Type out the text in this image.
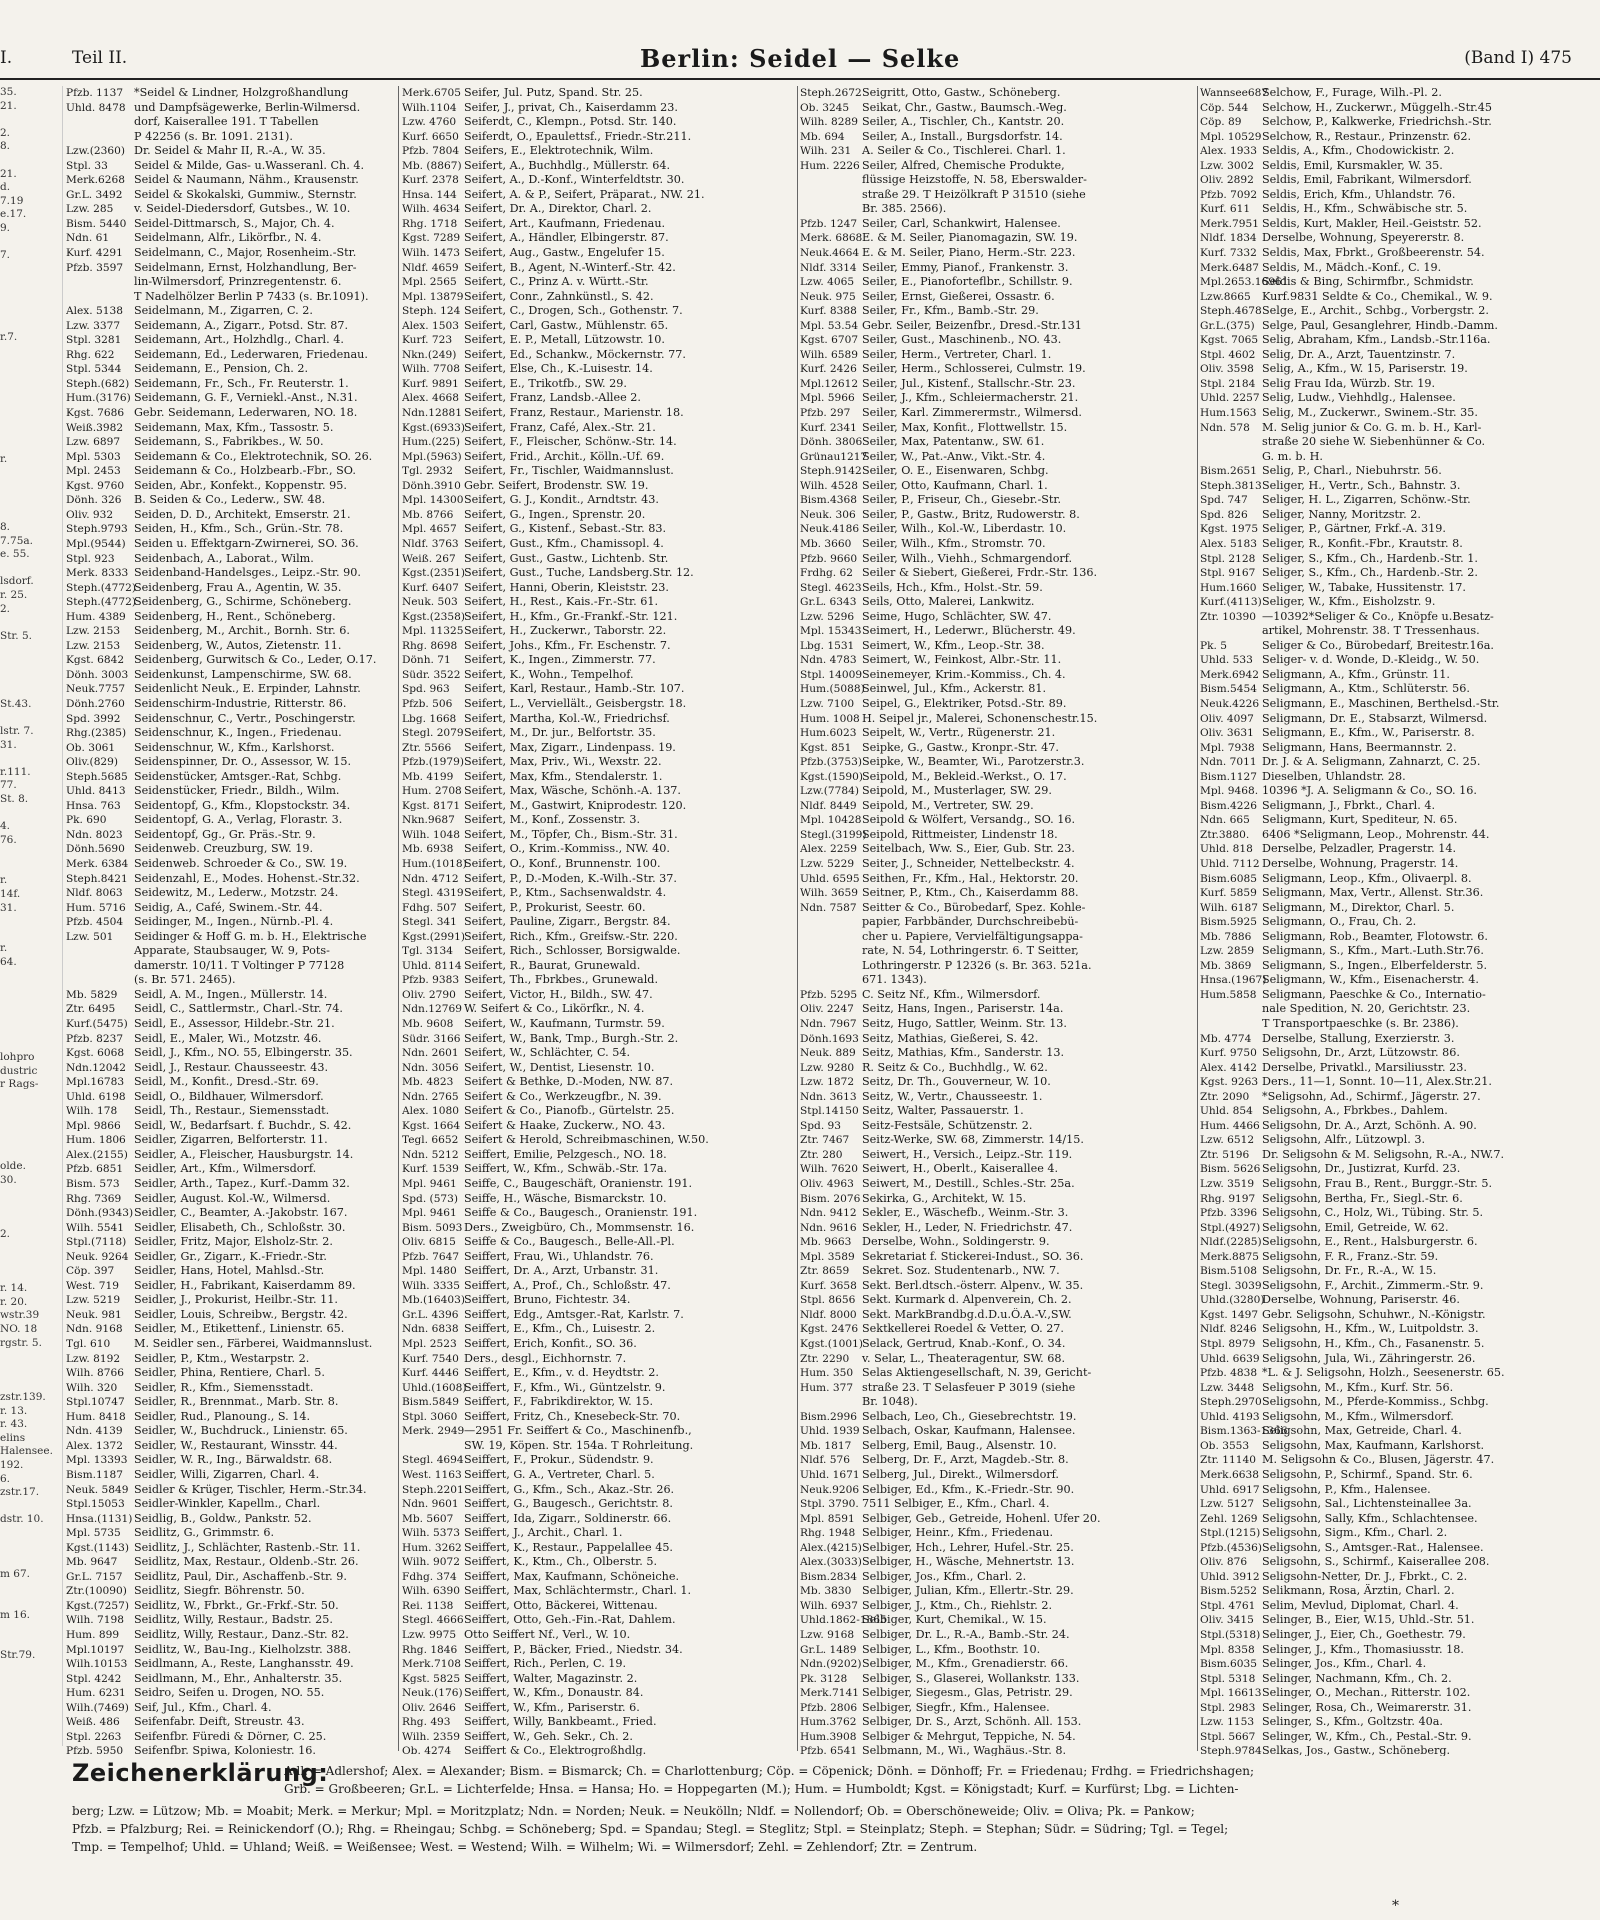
I.	Teil II.	Berlin: Seidel — Selke	(Band I) 475
35.
21.

2.
8.

21.
d.
7.19
e.17.
9.

7.

r.7.

r.

8.
7.75a.
e. 55.

lsdorf.
r. 25.
2.

Str. 5.

St.43.

lstr. 7.
31.

r.111.
77.
St. 8.

4.
76.

r.
14f.
31.

r.
64.

lohpro
dustric
r Rags-

olde.
30.

2.

r. 14.
r. 20.
wstr.39
NO. 18
rgstr. 5.

zstr.139.
r. 13.
r. 43.
elins
Halensee.
192.
6.
zstr.17.

dstr. 10.

m 67.

m 16.

Str.79.

Pfzb. 1137 *Seidel & Lindner, Holzgroßhandlung
Uhld. 8478 und Dampfsägewerke, Berlin-Wilmersd.
dorf, Kaiserallee 191. T Tabellen
P 42256 (s. Br. 1091. 2131).
Lzw.(2360) Dr. Seidel & Mahr II, R.-A., W. 35.
Stpl. 33 Seidel & Milde, Gas- u.Wasseranl. Ch. 4.
Merk.6268 Seidel & Naumann, Nähm., Krausenstr.
Gr.L. 3492 Seidel & Skokalski, Gummiw., Sternstr.
Lzw. 285 v. Seidel-Diedersdorf, Gutsbes., W. 10.
Bism. 5440 Seidel-Dittmarsch, S., Major, Ch. 4.
Ndn. 61 Seidelmann, Alfr., Likörfbr., N. 4.
Kurf. 4291 Seidelmann, C., Major, Rosenheim.-Str.
Pfzb. 3597 Seidelmann, Ernst, Holzhandlung, Ber-
lin-Wilmersdorf, Prinzregentenstr. 6.
T Nadelhölzer Berlin P 7433 (s. Br.1091).
Alex. 5138 Seidelmann, M., Zigarren, C. 2.
Lzw. 3377 Seidemann, A., Zigarr., Potsd. Str. 87.
Stpl. 3281 Seidemann, Art., Holzhdlg., Charl. 4.
Rhg. 622 Seidemann, Ed., Lederwaren, Friedenau.
Stpl. 5344 Seidemann, E., Pension, Ch. 2.
Steph.(682) Seidemann, Fr., Sch., Fr. Reuterstr. 1.
Hum.(3176) Seidemann, G. F., Verniekl.-Anst., N.31.
Kgst. 7686 Gebr. Seidemann, Lederwaren, NO. 18.
Weiß.3982 Seidemann, Max, Kfm., Tassostr. 5.
Lzw. 6897 Seidemann, S., Fabrikbes., W. 50.
Mpl. 5303 Seidemann & Co., Elektrotechnik, SO. 26.
Mpl. 2453 Seidemann & Co., Holzbearb.-Fbr., SO.
Kgst. 9760 Seiden, Abr., Konfekt., Koppenstr. 95.
Dönh. 326 B. Seiden & Co., Lederw., SW. 48.
Oliv. 932 Seiden, D. D., Architekt, Emserstr. 21.
Steph.9793 Seiden, H., Kfm., Sch., Grün.-Str. 78.
Mpl.(9544) Seiden u. Effektgarn-Zwirnerei, SO. 36.
Stpl. 923 Seidenbach, A., Laborat., Wilm.
Merk. 8333 Seidenband-Handelsges., Leipz.-Str. 90.
Steph.(4772)Seidenberg, Frau A., Agentin, W. 35.
Steph.(4772)Seidenberg, G., Schirme, Schöneberg.
Hum. 4389 Seidenberg, H., Rent., Schöneberg.
Lzw. 2153 Seidenberg, M., Archit., Bornh. Str. 6.
Lzw. 2153 Seidenberg, W., Autos, Zietenstr. 11.
Kgst. 6842 Seidenberg, Gurwitsch & Co., Leder, O.17.
Dönh. 3003 Seidenkunst, Lampenschirme, SW. 68.
Neuk.7757 Seidenlicht Neuk., E. Erpinder, Lahnstr.
Dönh.2760 Seidenschirm-Industrie, Ritterstr. 86.
Spd. 3992 Seidenschnur, C., Vertr., Poschingerstr.
Rhg.(2385) Seidenschnur, K., Ingen., Friedenau.
Ob. 3061 Seidenschnur, W., Kfm., Karlshorst.
Oliv.(829) Seidenspinner, Dr. O., Assessor, W. 15.
Steph.5685 Seidenstücker, Amtsger.-Rat, Schbg.
Uhld. 8413 Seidenstücker, Friedr., Bildh., Wilm.
Hnsa. 763 Seidentopf, G., Kfm., Klopstockstr. 34.
Pk. 690 Seidentopf, G. A., Verlag, Florastr. 3.
Ndn. 8023 Seidentopf, Gg., Gr. Präs.-Str. 9.
Dönh.5690 Seidenweb. Creuzburg, SW. 19.
Merk. 6384 Seidenweb. Schroeder & Co., SW. 19.
Steph.8421 Seidenzahl, E., Modes. Hohenst.-Str.32.
Nldf. 8063 Seidewitz, M., Lederw., Motzstr. 24.
Hum. 5716 Seidig, A., Café, Swinem.-Str. 44.
Pfzb. 4504 Seidinger, M., Ingen., Nürnb.-Pl. 4.
Lzw. 501 Seidinger & Hoff G. m. b. H., Elektrische
Apparate, Staubsauger, W. 9, Pots-
damerstr. 10/11. T Voltinger P 77128
(s. Br. 571. 2465).
Mb. 5829 Seidl, A. M., Ingen., Müllerstr. 14.
Ztr. 6495 Seidl, C., Sattlermstr., Charl.-Str. 74.
Kurf.(5475) Seidl, E., Assessor, Hildebr.-Str. 21.
Pfzb. 8237 Seidl, E., Maler, Wi., Motzstr. 46.
Kgst. 6068 Seidl, J., Kfm., NO. 55, Elbingerstr. 35.
Ndn.12042 Seidl, J., Restaur. Chausseestr. 43.
Mpl.16783 Seidl, M., Konfit., Dresd.-Str. 69.
Uhld. 6198 Seidl, O., Bildhauer, Wilmersdorf.
Wilh. 178 Seidl, Th., Restaur., Siemensstadt.
Mpl. 9866 Seidl, W., Bedarfsart. f. Buchdr., S. 42.
Hum. 1806 Seidler, Zigarren, Belforterstr. 11.
Alex.(2155) Seidler, A., Fleischer, Hausburgstr. 14.
Pfzb. 6851 Seidler, Art., Kfm., Wilmersdorf.
Bism. 573 Seidler, Arth., Tapez., Kurf.-Damm 32.
Rhg. 7369 Seidler, August. Kol.-W., Wilmersd.
Dönh.(9343)Seidler, C., Beamter, A.-Jakobstr. 167.
Wilh. 5541 Seidler, Elisabeth, Ch., Schloßstr. 30.
Stpl.(7118) Seidler, Fritz, Major, Elsholz-Str. 2.
Neuk. 9264 Seidler, Gr., Zigarr., K.-Friedr.-Str.
Cöp. 397 Seidler, Hans, Hotel, Mahlsd.-Str.
West. 719 Seidler, H., Fabrikant, Kaiserdamm 89.
Lzw. 5219 Seidler, J., Prokurist, Heilbr.-Str. 11.
Neuk. 981 Seidler, Louis, Schreibw., Bergstr. 42.
Ndn. 9168 Seidler, M., Etikettenf., Linienstr. 65.
Tgl. 610 M. Seidler sen., Färberei, Waidmannslust.
Lzw. 8192 Seidler, P., Ktm., Westarpstr. 2.
Wilh. 8766 Seidler, Phina, Rentiere, Charl. 5.
Wilh. 320 Seidler, R., Kfm., Siemensstadt.
Stpl.10747 Seidler, R., Brennmat., Marb. Str. 8.
Hum. 8418 Seidler, Rud., Planoung., S. 14.
Ndn. 4139 Seidler, W., Buchdruck., Linienstr. 65.
Alex. 1372 Seidler, W., Restaurant, Winsstr. 44.
Mpl. 13393 Seidler, W. R., Ing., Bärwaldstr. 68.
Bism.1187 Seidler, Willi, Zigarren, Charl. 4.
Neuk. 5849 Seidler & Krüger, Tischler, Herm.-Str.34.
Stpl.15053 Seidler-Winkler, Kapellm., Charl.
Hnsa.(1131) Seidlig, B., Goldw., Pankstr. 52.
Mpl. 5735 Seidlitz, G., Grimmstr. 6.
Kgst.(1143) Seidlitz, J., Schlächter, Rastenb.-Str. 11.
Mb. 9647 Seidlitz, Max, Restaur., Oldenb.-Str. 26.
Gr.L. 7157 Seidlitz, Paul, Dir., Aschaffenb.-Str. 9.
Ztr.(10090) Seidlitz, Siegfr. Böhrenstr. 50.
Kgst.(7257) Seidlitz, W., Fbrkt., Gr.-Frkf.-Str. 50.
Wilh. 7198 Seidlitz, Willy, Restaur., Badstr. 25.
Hum. 899 Seidlitz, Willy, Restaur., Danz.-Str. 82.
Mpl.10197 Seidlitz, W., Bau-Ing., Kielholzstr. 388.
Wilh.10153 Seidlmann, A., Reste, Langhansstr. 49.
Stpl. 4242 Seidlmann, M., Ehr., Anhalterstr. 35.
Hum. 6231 Seidro, Seifen u. Drogen, NO. 55.
Wilh.(7469) Seif, Jul., Kfm., Charl. 4.
Weiß. 486 Seifenfabr. Deift, Streustr. 43.
Stpl. 2263 Seifenfbr. Füredi & Dörner, C. 25.
Pfzb. 5950 Seifenfbr. Spiwa, Koloniestr. 16.
Merk.6705 Seifer, Jul. Putz, Spand. Str. 25.
Wilh.1104 Seifer, J., privat, Ch., Kaiserdamm 23.
Lzw. 4760 Seiferdt, C., Klempn., Potsd. Str. 140.
Kurf. 6650 Seiferdt, O., Epaulettsf., Friedr.-Str.211.
Pfzb. 7804 Seifers, E., Elektrotechnik, Wilm.
Mb. (8867) Seifert, A., Buchhdlg., Müllerstr. 64.
Kurf. 2378 Seifert, A., D.-Konf., Winterfeldtstr. 30.
Hnsa. 144 Seifert, A. & P., Seifert, Präparat., NW. 21.
Wilh. 4634 Seifert, Dr. A., Direktor, Charl. 2.
Rhg. 1718 Seifert, Art., Kaufmann, Friedenau.
Kgst. 7289 Seifert, A., Händler, Elbingerstr. 87.
Wilh. 1473 Seifert, Aug., Gastw., Engelufer 15.
Nldf. 4659 Seifert, B., Agent, N.-Winterf.-Str. 42.
Mpl. 2565 Seifert, C., Prinz A. v. Württ.-Str.
Mpl. 13879Seifert, Conr., Zahnkünstl., S. 42.
Steph. 124 Seifert, C., Drogen, Sch., Gothenstr. 7.
Alex. 1503 Seifert, Carl, Gastw., Mühlenstr. 65.
Kurf. 723 Seifert, E. P., Metall, Lützowstr. 10.
Nkn.(249) Seifert, Ed., Schankw., Möckernstr. 77.
Wilh. 7708 Seifert, Else, Ch., K.-Luisestr. 14.
Kurf. 9891 Seifert, E., Trikotfb., SW. 29.
Alex. 4668 Seifert, Franz, Landsb.-Allee 2.
Ndn.12881 Seifert, Franz, Restaur., Marienstr. 18.
Kgst.(6933)Seifert, Franz, Café, Alex.-Str. 21.
Hum.(225) Seifert, F., Fleischer, Schönw.-Str. 14.
Mpl.(5963) Seifert, Frid., Archit., Kölln.-Uf. 69.
Tgl. 2932 Seifert, Fr., Tischler, Waidmannslust.
Dönh.3910 Gebr. Seifert, Brodenstr. SW. 19.
Mpl. 14300Seifert, G. J., Kondit., Arndtstr. 43.
Mb. 8766 Seifert, G., Ingen., Sprenstr. 20.
Mpl. 4657 Seifert, G., Kistenf., Sebast.-Str. 83.
Nldf. 3763 Seifert, Gust., Kfm., Chamissopl. 4.
Weiß. 267 Seifert, Gust., Gastw., Lichtenb. Str.
Kgst.(2351)Seifert, Gust., Tuche, Landsberg.Str. 12.
Kurf. 6407 Seifert, Hanni, Oberin, Kleiststr. 23.
Neuk. 503 Seifert, H., Rest., Kais.-Fr.-Str. 61.
Kgst.(2358)Seifert, H., Kfm., Gr.-Frankf.-Str. 121.
Mpl. 11325Seifert, H., Zuckerwr., Taborstr. 22.
Rhg. 8698 Seifert, Johs., Kfm., Fr. Eschenstr. 7.
Dönh. 71 Seifert, K., Ingen., Zimmerstr. 77.
Südr. 3522 Seifert, K., Wohn., Tempelhof.
Spd. 963 Seifert, Karl, Restaur., Hamb.-Str. 107.
Pfzb. 506 Seifert, L., Verviellält., Geisbergstr. 18.
Lbg. 1668 Seifert, Martha, Kol.-W., Friedrichsf.
Stegl. 2079Seifert, M., Dr. jur., Belfortstr. 35.
Ztr. 5566 Seifert, Max, Zigarr., Lindenpass. 19.
Pfzb.(1979)Seifert, Max, Priv., Wi., Wexstr. 22.
Mb. 4199 Seifert, Max, Kfm., Stendalerstr. 1.
Hum. 2708 Seifert, Max, Wäsche, Schönh.-A. 137.
Kgst. 8171 Seifert, M., Gastwirt, Kniprodestr. 120.
Nkn.9687 Seifert, M., Konf., Zossenstr. 3.
Wilh. 1048 Seifert, M., Töpfer, Ch., Bism.-Str. 31.
Mb. 6938 Seifert, O., Krim.-Kommiss., NW. 40.
Hum.(1018)Seifert, O., Konf., Brunnenstr. 100.
Ndn. 4712 Seifert, P., D.-Moden, K.-Wilh.-Str. 37.
Stegl. 4319Seifert, P., Ktm., Sachsenwaldstr. 4.
Fdhg. 507 Seifert, P., Prokurist, Seestr. 60.
Stegl. 341 Seifert, Pauline, Zigarr., Bergstr. 84.
Kgst.(2991)Seifert, Rich., Kfm., Greifsw.-Str. 220.
Tgl. 3134 Seifert, Rich., Schlosser, Borsigwalde.
Uhld. 8114 Seifert, R., Baurat, Grunewald.
Pfzb. 9383 Seifert, Th., Fbrkbes., Grunewald.
Oliv. 2790 Seifert, Victor, H., Bildh., SW. 47.
Ndn.12769 W. Seifert & Co., Likörfkr., N. 4.
Mb. 9608 Seifert, W., Kaufmann, Turmstr. 59.
Südr. 3166 Seifert, W., Bank, Tmp., Burgh.-Str. 2.
Ndn. 2601 Seifert, W., Schlächter, C. 54.
Ndn. 3056 Seifert, W., Dentist, Liesenstr. 10.
Mb. 4823 Seifert & Bethke, D.-Moden, NW. 87.
Ndn. 2765 Seifert & Co., Werkzeugfbr., N. 39.
Alex. 1080 Seifert & Co., Pianofb., Gürtelstr. 25.
Kgst. 1664 Seifert & Haake, Zuckerw., NO. 43.
Tegl. 6652 Seifert & Herold, Schreibmaschinen, W.50.
Ndn. 5212 Seiffert, Emilie, Pelzgesch., NO. 18.
Kurf. 1539 Seiffert, W., Kfm., Schwäb.-Str. 17a.
Mpl. 9461 Seiffe, C., Baugeschäft, Oranienstr. 191.
Spd. (573) Seiffe, H., Wäsche, Bismarckstr. 10.
Mpl. 9461 Seiffe & Co., Baugesch., Oranienstr. 191.
Bism. 5093 Ders., Zweigbüro, Ch., Mommsenstr. 16.
Oliv. 6815 Seiffe & Co., Baugesch., Belle-All.-Pl.
Pfzb. 7647 Seiffert, Frau, Wi., Uhlandstr. 76.
Mpl. 1480 Seiffert, Dr. A., Arzt, Urbanstr. 31.
Wilh. 3335 Seiffert, A., Prof., Ch., Schloßstr. 47.
Mb.(16403)Seiffert, Bruno, Fichtestr. 34.
Gr.L. 4396 Seiffert, Edg., Amtsger.-Rat, Karlstr. 7.
Ndn. 6838 Seiffert, E., Kfm., Ch., Luisestr. 2.
Mpl. 2523 Seiffert, Erich, Konfit., SO. 36.
Kurf. 7540 Ders., desgl., Eichhornstr. 7.
Kurf. 4446 Seiffert, E., Kfm., v. d. Heydtstr. 2.
Uhld.(1608)Seiffert, F., Kfm., Wi., Güntzelstr. 9.
Bism.5849 Seiffert, F., Fabrikdirektor, W. 15.
Stpl. 3060 Seiffert, Fritz, Ch., Knesebeck-Str. 70.
Merk. 2949—2951 Fr. Seiffert & Co., Maschinenfb.,
SW. 19, Köpen. Str. 154a. T Rohrleitung.
Stegl. 4694Seiffert, F., Prokur., Südendstr. 9.
West. 1163 Seiffert, G. A., Vertreter, Charl. 5.
Steph.2201Seiffert, G., Kfm., Sch., Akaz.-Str. 26.
Ndn. 9601 Seiffert, G., Baugesch., Gerichtstr. 8.
Mb. 5607 Seiffert, Ida, Zigarr., Soldinerstr. 66.
Wilh. 5373 Seiffert, J., Archit., Charl. 1.
Hum. 3262 Seiffert, K., Restaur., Pappelallee 45.
Wilh. 9072 Seiffert, K., Ktm., Ch., Olberstr. 5.
Fdhg. 374 Seiffert, Max, Kaufmann, Schöneiche.
Wilh. 6390 Seiffert, Max, Schlächtermstr., Charl. 1.
Rei. 1138 Seiffert, Otto, Bäckerei, Wittenau.
Stegl. 4666Seiffert, Otto, Geh.-Fin.-Rat, Dahlem.
Lzw. 9975 Otto Seiffert Nf., Verl., W. 10.
Rhg. 1846 Seiffert, P., Bäcker, Fried., Niedstr. 34.
Merk.7108 Seiffert, Rich., Perlen, C. 19.
Kgst. 5825 Seiffert, Walter, Magazinstr. 2.
Neuk.(176)Seiffert, W., Kfm., Donaustr. 84.
Oliv. 2646 Seiffert, W., Kfm., Pariserstr. 6.
Rhg. 493 Seiffert, Willy, Bankbeamt., Fried.
Wilh. 2359 Seiffert, W., Geh. Sekr., Ch. 2.
Ob. 4274 Seiffert & Co., Elektrogroßhdlg.
Steph.2672Seigritt, Otto, Gastw., Schöneberg.
Ob. 3245 Seikat, Chr., Gastw., Baumsch.-Weg.
Wilh. 8289 Seiler, A., Tischler, Ch., Kantstr. 20.
Mb. 694 Seiler, A., Install., Burgsdorfstr. 14.
Wilh. 231 A. Seiler & Co., Tischlerei. Charl. 1.
Hum. 2226 Seiler, Alfred, Chemische Produkte,
flüssige Heizstoffe, N. 58, Eberswalder-
straße 29. T Heizölkraft P 31510 (siehe
Br. 385. 2566).
Pfzb. 1247 Seiler, Carl, Schankwirt, Halensee.
Merk. 6868E. & M. Seiler, Pianomagazin, SW. 19.
Neuk.4664 E. & M. Seiler, Piano, Herm.-Str. 223.
Nldf. 3314 Seiler, Emmy, Pianof., Frankenstr. 3.
Lzw. 4065 Seiler, E., Pianoforteflbr., Schillstr. 9.
Neuk. 975 Seiler, Ernst, Gießerei, Ossastr. 6.
Kurf. 8388 Seiler, Fr., Kfm., Bamb.-Str. 29.
Mpl. 53.54 Gebr. Seiler, Beizenfbr., Dresd.-Str.131
Kgst. 6707 Seiler, Gust., Maschinenb., NO. 43.
Wilh. 6589 Seiler, Herm., Vertreter, Charl. 1.
Kurf. 2426 Seiler, Herm., Schlosserei, Culmstr. 19.
Mpl.12612 Seiler, Jul., Kistenf., Stallschr.-Str. 23.
Mpl. 5966 Seiler, J., Kfm., Schleiermacherstr. 21.
Pfzb. 297 Seiler, Karl. Zimmerermstr., Wilmersd.
Kurf. 2341 Seiler, Max, Konfit., Flottwellstr. 15.
Dönh. 3806Seiler, Max, Patentanw., SW. 61.
Grünau1217Seiler, W., Pat.-Anw., Vikt.-Str. 4.
Steph.9142Seiler, O. E., Eisenwaren, Schbg.
Wilh. 4528 Seiler, Otto, Kaufmann, Charl. 1.
Bism.4368 Seiler, P., Friseur, Ch., Giesebr.-Str.
Neuk. 306 Seiler, P., Gastw., Britz, Rudowerstr. 8.
Neuk.4186 Seiler, Wilh., Kol.-W., Liberdastr. 10.
Mb. 3660 Seiler, Wilh., Kfm., Stromstr. 70.
Pfzb. 9660 Seiler, Wilh., Viehh., Schmargendorf.
Frdhg. 62 Seiler & Siebert, Gießerei, Frdr.-Str. 136.
Stegl. 4623Seils, Hch., Kfm., Holst.-Str. 59.
Gr.L. 6343 Seils, Otto, Malerei, Lankwitz.
Lzw. 5296 Seime, Hugo, Schlächter, SW. 47.
Mpl. 15343Seimert, H., Lederwr., Blücherstr. 49.
Lbg. 1531 Seimert, W., Kfm., Leop.-Str. 38.
Ndn. 4783 Seimert, W., Feinkost, Albr.-Str. 11.
Stpl. 14009Seinemeyer, Krim.-Kommiss., Ch. 4.
Hum.(5088)Seinwel, Jul., Kfm., Ackerstr. 81.
Lzw. 7100 Seipel, G., Elektriker, Potsd.-Str. 89.
Hum. 1008 H. Seipel jr., Malerei, Schonenschestr.15.
Hum.6023 Seipelt, W., Vertr., Rügenerstr. 21.
Kgst. 851 Seipke, G., Gastw., Kronpr.-Str. 47.
Pfzb.(3753)Seipke, W., Beamter, Wi., Parotzerstr.3.
Kgst.(1590)Seipold, M., Bekleid.-Werkst., O. 17.
Lzw.(7784) Seipold, M., Musterlager, SW. 29.
Nldf. 8449 Seipold, M., Vertreter, SW. 29.
Mpl. 10428Seipold & Wölfert, Versandg., SO. 16.
Stegl.(3199)Seipold, Rittmeister, Lindenstr 18.
Alex. 2259 Seitelbach, Ww. S., Eier, Gub. Str. 23.
Lzw. 5229 Seiter, J., Schneider, Nettelbeckstr. 4.
Uhld. 6595 Seithen, Fr., Kfm., Hal., Hektorstr. 20.
Wilh. 3659 Seitner, P., Ktm., Ch., Kaiserdamm 88.
Ndn. 7587 Seitter & Co., Bürobedarf, Spez. Kohle-
papier, Farbbänder, Durchschreibebü-
cher u. Papiere, Vervielfältigungsappa-
rate, N. 54, Lothringerstr. 6. T Seitter,
Lothringerstr. P 12326 (s. Br. 363. 521a.
671. 1343).
Pfzb. 5295 C. Seitz Nf., Kfm., Wilmersdorf.
Oliv. 2247 Seitz, Hans, Ingen., Pariserstr. 14a.
Ndn. 7967 Seitz, Hugo, Sattler, Weinm. Str. 13.
Dönh.1693 Seitz, Mathias, Gießerei, S. 42.
Neuk. 889 Seitz, Mathias, Kfm., Sanderstr. 13.
Lzw. 9280 R. Seitz & Co., Buchhdlg., W. 62.
Lzw. 1872 Seitz, Dr. Th., Gouverneur, W. 10.
Ndn. 3613 Seitz, W., Vertr., Chausseestr. 1.
Stpl.14150 Seitz, Walter, Passauerstr. 1.
Spd. 93 Seitz-Festsäle, Schützenstr. 2.
Ztr. 7467 Seitz-Werke, SW. 68, Zimmerstr. 14/15.
Ztr. 280 Seiwert, H., Versich., Leipz.-Str. 119.
Wilh. 7620 Seiwert, H., Oberlt., Kaiserallee 4.
Oliv. 4963 Seiwert, M., Destill., Schles.-Str. 25a.
Bism. 2076 Sekirka, G., Architekt, W. 15.
Ndn. 9412 Sekler, E., Wäschefb., Weinm.-Str. 3.
Ndn. 9616 Sekler, H., Leder, N. Friedrichstr. 47.
Mb. 9663 Derselbe, Wohn., Soldingerstr. 9.
Mpl. 3589 Sekretariat f. Stickerei-Indust., SO. 36.
Ztr. 8659 Sekret. Soz. Studentenarb., NW. 7.
Kurf. 3658 Sekt. Berl.dtsch.-österr. Alpenv., W. 35.
Stpl. 8656 Sekt. Kurmark d. Alpenverein, Ch. 2.
Nldf. 8000 Sekt. MarkBrandbg.d.D.u.Ö.A.-V.,SW.
Kgst. 2476 Sektkellerei Roedel & Vetter, O. 27.
Kgst.(1001)Selack, Gertrud, Knab.-Konf., O. 34.
Ztr. 2290 v. Selar, L., Theateragentur, SW. 68.
Hum. 350 Selas Aktiengesellschaft, N. 39, Gericht-
Hum. 377 straße 23. T Selasfeuer P 3019 (siehe
Br. 1048).
Bism.2996 Selbach, Leo, Ch., Giesebrechtstr. 19.
Uhld. 1939 Selbach, Oskar, Kaufmann, Halensee.
Mb. 1817 Selberg, Emil, Baug., Alsenstr. 10.
Nldf. 576 Selberg, Dr. F., Arzt, Magdeb.-Str. 8.
Uhld. 1671 Selberg, Jul., Direkt., Wilmersdorf.
Neuk.9206 Selbiger, Ed., Kfm., K.-Friedr.-Str. 90.
Stpl. 3790. 7511 Selbiger, E., Kfm., Charl. 4.
Mpl. 8591 Selbiger, Geb., Getreide, Hohenl. Ufer 20.
Rhg. 1948 Selbiger, Heinr., Kfm., Friedenau.
Alex.(4215)Selbiger, Hch., Lehrer, Hufel.-Str. 25.
Alex.(3033)Selbiger, H., Wäsche, Mehnertstr. 13.
Bism.2834 Selbiger, Jos., Kfm., Charl. 2.
Mb. 3830 Selbiger, Julian, Kfm., Ellertr.-Str. 29.
Wilh. 6937 Selbiger, J., Ktm., Ch., Riehlstr. 2.
Uhld.1862-1865Selbiger, Kurt, Chemikal., W. 15.
Lzw. 9168 Selbiger, Dr. L., R.-A., Bamb.-Str. 24.
Gr.L. 1489 Selbiger, L., Kfm., Boothstr. 10.
Ndn.(9202)Selbiger, M., Kfm., Grenadierstr. 66.
Pk. 3128 Selbiger, S., Glaserei, Wollankstr. 133.
Merk.7141 Selbiger, Siegesm., Glas, Petristr. 29.
Pfzb. 2806 Selbiger, Siegfr., Kfm., Halensee.
Hum.3762 Selbiger, Dr. S., Arzt, Schönh. All. 153.
Hum.3908 Selbiger & Mehrgut, Teppiche, N. 54.
Pfzb. 6541 Selbmann, M., Wi., Waghäus.-Str. 8.
Wannsee687Selchow, F., Furage, Wilh.-Pl. 2.
Cöp. 544 Selchow, H., Zuckerwr., Müggelh.-Str.45
Cöp. 89 Selchow, P., Kalkwerke, Friedrichsh.-Str.
Mpl. 10529Selchow, R., Restaur., Prinzenstr. 62.
Alex. 1933 Seldis, A., Kfm., Chodowickistr. 2.
Lzw. 3002 Seldis, Emil, Kursmakler, W. 35.
Oliv. 2892 Seldis, Emil, Fabrikant, Wilmersdorf.
Pfzb. 7092 Seldis, Erich, Kfm., Uhlandstr. 76.
Kurf. 611 Seldis, H., Kfm., Schwäbische str. 5.
Merk.7951 Seldis, Kurt, Makler, Heil.-Geiststr. 52.
Nldf. 1834 Derselbe, Wohnung, Speyererstr. 8.
Kurf. 7332 Seldis, Max, Fbrkt., Großbeerenstr. 54.
Merk.6487 Seldis, M., Mädch.-Konf., C. 19.
Mpl.2653.16961Seldis & Bing, Schirmfbr., Schmidstr.
Lzw.8665 Kurf.9831 Seldte & Co., Chemikal., W. 9.
Steph.4678Selge, E., Archit., Schbg., Vorbergstr. 2.
Gr.L.(375) Selge, Paul, Gesanglehrer, Hindb.-Damm.
Kgst. 7065 Selig, Abraham, Kfm., Landsb.-Str.116a.
Stpl. 4602 Selig, Dr. A., Arzt, Tauentzinstr. 7.
Oliv. 3598 Selig, A., Kfm., W. 15, Pariserstr. 19.
Stpl. 2184 Selig Frau Ida, Würzb. Str. 19.
Uhld. 2257 Selig, Ludw., Viehhdlg., Halensee.
Hum.1563 Selig, M., Zuckerwr., Swinem.-Str. 35.
Ndn. 578 M. Selig junior & Co. G. m. b. H., Karl-
straße 20 siehe W. Siebenhünner & Co.
G. m. b. H.
Bism.2651 Selig, P., Charl., Niebuhrstr. 56.
Steph.3813Seliger, H., Vertr., Sch., Bahnstr. 3.
Spd. 747 Seliger, H. L., Zigarren, Schönw.-Str.
Spd. 826 Seliger, Nanny, Moritzstr. 2.
Kgst. 1975 Seliger, P., Gärtner, Frkf.-A. 319.
Alex. 5183 Seliger, R., Konfit.-Fbr., Krautstr. 8.
Stpl. 2128 Seliger, S., Kfm., Ch., Hardenb.-Str. 1.
Stpl. 9167 Seliger, S., Kfm., Ch., Hardenb.-Str. 2.
Hum.1660 Seliger, W., Tabake, Hussitenstr. 17.
Kurf.(4113)Seliger, W., Kfm., Eisholzstr. 9.
Ztr. 10390 —10392*Seliger & Co., Knöpfe u.Besatz-
artikel, Mohrenstr. 38. T Tressenhaus.
Pk. 5	Seliger & Co., Bürobedarf, Breitestr.16a.
Uhld. 533 Seliger- v. d. Wonde, D.-Kleidg., W. 50.
Merk.6942 Seligmann, A., Kfm., Grünstr. 11.
Bism.5454 Seligmann, A., Ktm., Schlüterstr. 56.
Neuk.4226 Seligmann, E., Maschinen, Berthelsd.-Str.
Oliv. 4097 Seligmann, Dr. E., Stabsarzt, Wilmersd.
Oliv. 3631 Seligmann, E., Kfm., W., Pariserstr. 8.
Mpl. 7938 Seligmann, Hans, Beermannstr. 2.
Ndn. 7011 Dr. J. & A. Seligmann, Zahnarzt, C. 25.
Bism.1127 Dieselben, Uhlandstr. 28.
Mpl. 9468. 10396 *J. A. Seligmann & Co., SO. 16.
Bism.4226 Seligmann, J., Fbrkt., Charl. 4.
Ndn. 665 Seligmann, Kurt, Spediteur, N. 65.
Ztr.3880. 6406 *Seligmann, Leop., Mohrenstr. 44.
Uhld. 818 Derselbe, Pelzadler, Pragerstr. 14.
Uhld. 7112 Derselbe, Wohnung, Pragerstr. 14.
Bism.6085 Seligmann, Leop., Kfm., Olivaerpl. 8.
Kurf. 5859 Seligmann, Max, Vertr., Allenst. Str.36.
Wilh. 6187 Seligmann, M., Direktor, Charl. 5.
Bism.5925 Seligmann, O., Frau, Ch. 2.
Mb. 7886 Seligmann, Rob., Beamter, Flotowstr. 6.
Lzw. 2859 Seligmann, S., Kfm., Mart.-Luth.Str.76.
Mb. 3869 Seligmann, S., Ingen., Elberfelderstr. 5.
Hnsa.(1967)Seligmann, W., Kfm., Eisenacherstr. 4.
Hum.5858 Seligmann, Paeschke & Co., Internatio-
nale Spedition, N. 20, Gerichtstr. 23.
T Transportpaeschke (s. Br. 2386).
Mb. 4774 Derselbe, Stallung, Exerzierstr. 3.
Kurf. 9750 Seligsohn, Dr., Arzt, Lützowstr. 86.
Alex. 4142 Derselbe, Privatkl., Marsiliusstr. 23.
Kgst. 9263 Ders., 11—1, Sonnt. 10—11, Alex.Str.21.
Ztr. 2090 *Seligsohn, Ad., Schirmf., Jägerstr. 27.
Uhld. 854 Seligsohn, A., Fbrkbes., Dahlem.
Hum. 4466 Seligsohn, Dr. A., Arzt, Schönh. A. 90.
Lzw. 6512 Seligsohn, Alfr., Lützowpl. 3.
Ztr. 5196 Dr. Seligsohn & M. Seligsohn, R.-A., NW.7.
Bism. 5626 Seligsohn, Dr., Justizrat, Kurfd. 23.
Lzw. 3519 Seligsohn, Frau B., Rent., Burggr.-Str. 5.
Rhg. 9197 Seligsohn, Bertha, Fr., Siegl.-Str. 6.
Pfzb. 3396 Seligsohn, C., Holz, Wi., Tübing. Str. 5.
Stpl.(4927) Seligsohn, Emil, Getreide, W. 62.
Nldf.(2285)Seligsohn, E., Rent., Halsburgerstr. 6.
Merk.8875 Seligsohn, F. R., Franz.-Str. 59.
Bism.5108 Seligsohn, Dr. Fr., R.-A., W. 15.
Stegl. 3039Seligsohn, F., Archit., Zimmerm.-Str. 9.
Uhld.(3280)Derselbe, Wohnung, Pariserstr. 46.
Kgst. 1497 Gebr. Seligsohn, Schuhwr., N.-Königstr.
Nldf. 8246 Seligsohn, H., Kfm., W., Luitpoldstr. 3.
Stpl. 8979 Seligsohn, H., Kfm., Ch., Fasanenstr. 5.
Uhld. 6639 Seligsohn, Jula, Wi., Zähringerstr. 26.
Pfzb. 4838 *L. & J. Seligsohn, Holzh., Seesenerstr. 65.
Lzw. 3448 Seligsohn, M., Kfm., Kurf. Str. 56.
Steph.2970Seligsohn, M., Pferde-Kommiss., Schbg.
Uhld. 4193 Seligsohn, M., Kfm., Wilmersdorf.
Bism.1363-1366Seligsohn, Max, Getreide, Charl. 4.
Ob. 3553 Seligsohn, Max, Kaufmann, Karlshorst.
Ztr. 11140 M. Seligsohn & Co., Blusen, Jägerstr. 47.
Merk.6638 Seligsohn, P., Schirmf., Spand. Str. 6.
Uhld. 6917 Seligsohn, P., Kfm., Halensee.
Lzw. 5127 Seligsohn, Sal., Lichtensteinallee 3a.
Zehl. 1269 Seligsohn, Sally, Kfm., Schlachtensee.
Stpl.(1215) Seligsohn, Sigm., Kfm., Charl. 2.
Pfzb.(4536)Seligsohn, S., Amtsger.-Rat., Halensee.
Oliv. 876 Seligsohn, S., Schirmf., Kaiserallee 208.
Uhld. 3912 Seligsohn-Netter, Dr. J., Fbrkt., C. 2.
Bism.5252 Selikmann, Rosa, Ärztin, Charl. 2.
Stpl. 4761 Selim, Mevlud, Diplomat, Charl. 4.
Oliv. 3415 Selinger, B., Eier, W.15, Uhld.-Str. 51.
Stpl.(5318) Selinger, J., Eier, Ch., Goethestr. 79.
Mpl. 8358 Selinger, J., Kfm., Thomasiusstr. 18.
Bism.6035 Selinger, Jos., Kfm., Charl. 4.
Stpl. 5318 Selinger, Nachmann, Kfm., Ch. 2.
Mpl. 16613Selinger, O., Mechan., Ritterstr. 102.
Stpl. 2983 Selinger, Rosa, Ch., Weimarerstr. 31.
Lzw. 1153 Selinger, S., Kfm., Goltzstr. 40a.
Stpl. 5667 Selinger, W., Kfm., Ch., Pestal.-Str. 9.
Steph.9784Selkas, Jos., Gastw., Schöneberg.
Zeichenerklärung:
Adl. = Adlershof; Alex. = Alexander; Bism. = Bismarck; Ch. = Charlottenburg; Cöp. = Cöpenick; Dönh. = Dönhoff; Fr. = Friedenau; Frdhg. = Friedrichshagen;
Grb. = Großbeeren; Gr.L. = Lichterfelde; Hnsa. = Hansa; Ho. = Hoppegarten (M.); Hum. = Humboldt; Kgst. = Königstadt; Kurf. = Kurfürst; Lbg. = Lichten-
berg; Lzw. = Lützow; Mb. = Moabit; Merk. = Merkur; Mpl. = Moritzplatz; Ndn. = Norden; Neuk. = Neukölln; Nldf. = Nollendorf; Ob. = Oberschöneweide; Oliv. = Oliva; Pk. = Pankow;
Pfzb. = Pfalzburg; Rei. = Reinickendorf (O.); Rhg. = Rheingau; Schbg. = Schöneberg; Spd. = Spandau; Stegl. = Steglitz; Stpl. = Steinplatz; Steph. = Stephan; Südr. = Südring; Tgl. = Tegel;
Tmp. = Tempelhof; Uhld. = Uhland; Weiß. = Weißensee; West. = Westend; Wilh. = Wilhelm; Wi. = Wilmersdorf; Zehl. = Zehlendorf; Ztr. = Zentrum.
*
